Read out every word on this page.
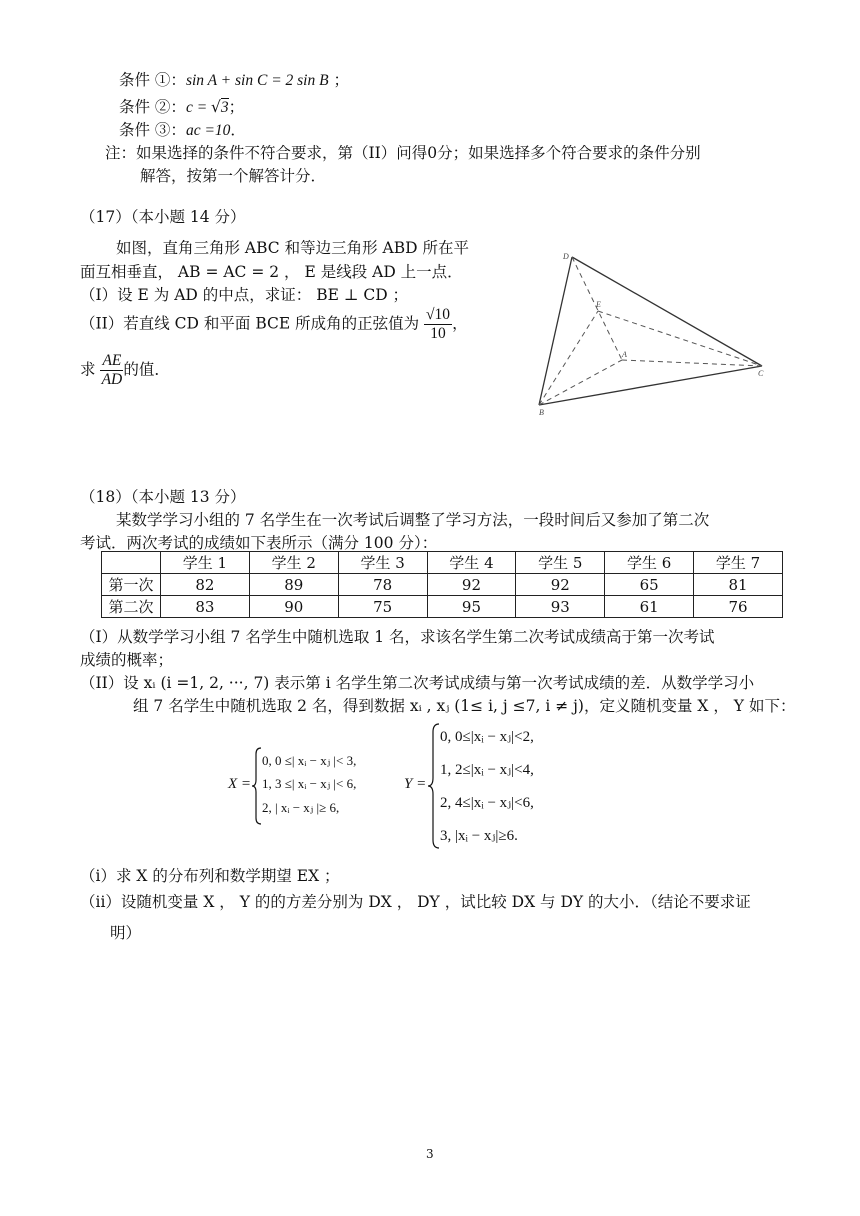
条件 ①：sin A + sin C = 2 sin B ；
条件 ②：c = √3；
条件 ③：ac =10．
注：如果选择的条件不符合要求，第（II）问得0分；如果选择多个符合要求的条件分别
解答，按第一个解答计分．
（17）（本小题 14 分）
如图，直角三角形 ABC 和等边三角形 ABD 所在平
面互相垂直， AB = AC = 2 ， E 是线段 AD 上一点．
（I）设 E 为 AD 的中点，求证： BE ⊥ CD ；
（II）若直线 CD 和平面 BCE 所成角的正弦值为 $\frac{√10}{10}$ ，
求 $\frac{AE}{AD}$ 的值．
D
E
A
B
C
（18）（本小题 13 分）
某数学学习小组的 7 名学生在一次考试后调整了学习方法，一段时间后又参加了第二次
考试．两次考试的成绩如下表所示（满分 100 分）：
	学生 1	学生 2	学生 3	学生 4	学生 5	学生 6	学生 7
第一次	82	89	78	92	92	65	81
第二次	83	90	75	95	93	61	76
（I）从数学学习小组 7 名学生中随机选取 1 名，求该名学生第二次考试成绩高于第一次考试
成绩的概率；
（II）设 xᵢ (i =1, 2, ···, 7) 表示第 i 名学生第二次考试成绩与第一次考试成绩的差．从数学学习小
组 7 名学生中随机选取 2 名，得到数据 xᵢ , xⱼ (1≤ i, j ≤7, i ≠ j)，定义随机变量 X ， Y 如下：
X =
0, 0 ≤| xᵢ − xⱼ |< 3,
1, 3 ≤| xᵢ − xⱼ |< 6,
2, | xᵢ − xⱼ |≥ 6,
Y =
0, 0≤|xᵢ − xⱼ|<2,
1, 2≤|xᵢ − xⱼ|<4,
2, 4≤|xᵢ − xⱼ|<6,
3, |xᵢ − xⱼ|≥6.
（i）求 X 的分布列和数学期望 EX ；
（ii）设随机变量 X ， Y 的的方差分别为 DX ， DY ，试比较 DX 与 DY 的大小．（结论不要求证
明）
3
